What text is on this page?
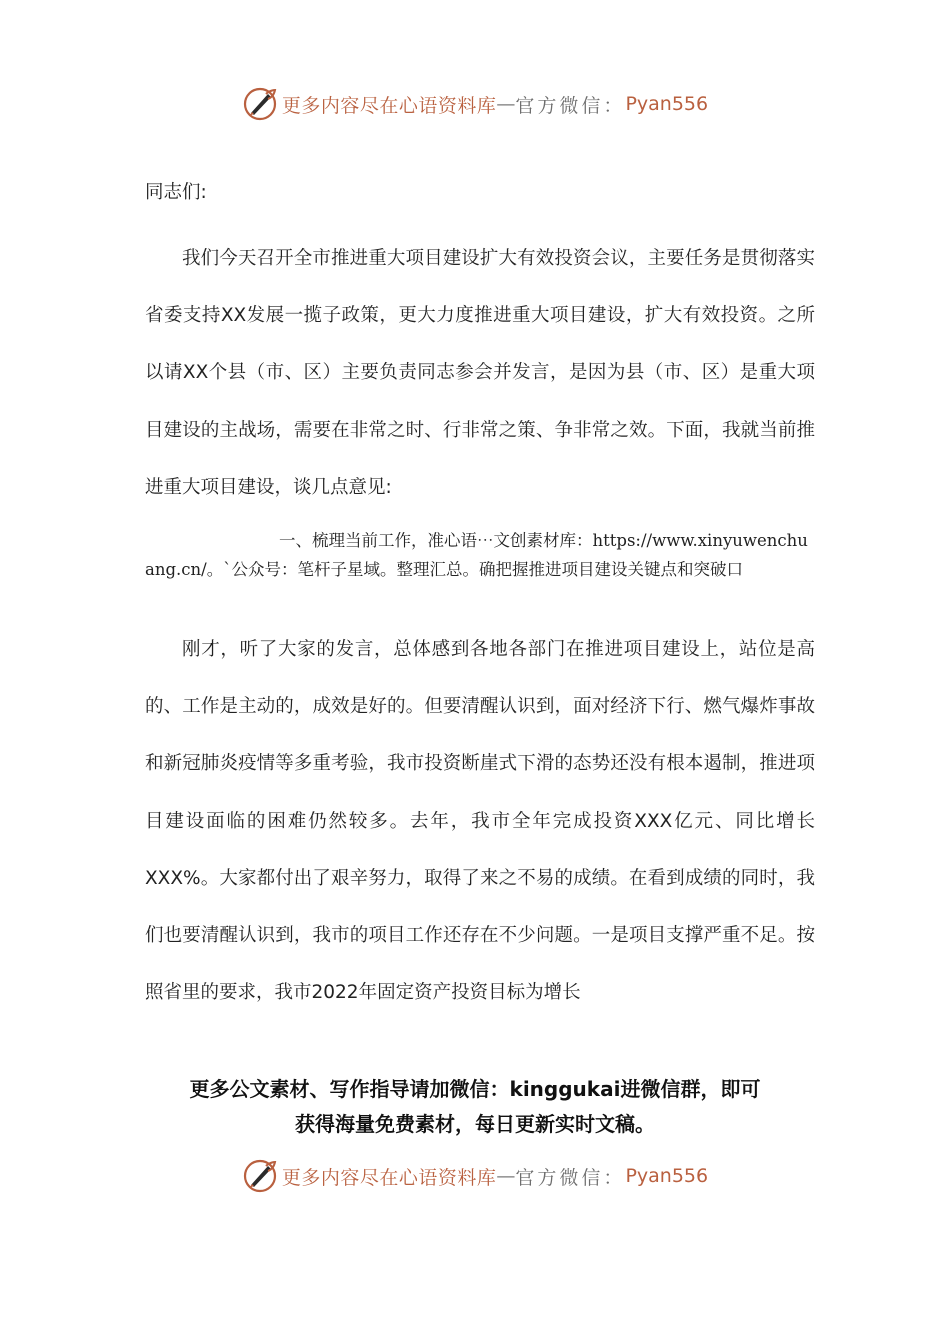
更多内容尽在心语资料库 — 官方微信： Pyan556
同志们:
我们今天召开全市推进重大项目建设扩大有效投资会议，主要任务是贯彻落实省委支持XX发展一揽子政策，更大力度推进重大项目建设，扩大有效投资。之所以请XX个县（市、区）主要负责同志参会并发言，是因为县（市、区）是重大项目建设的主战场，需要在非常之时、行非常之策、争非常之效。下面，我就当前推进重大项目建设，谈几点意见:
一、梳理当前工作，准心语⋯文创素材库：https://www.xinyuwenchuang.cn/。`公众号：笔杆子星域。整理汇总。确把握推进项目建设关键点和突破口
刚才，听了大家的发言，总体感到各地各部门在推进项目建设上，站位是高的、工作是主动的，成效是好的。但要清醒认识到，面对经济下行、燃气爆炸事故和新冠肺炎疫情等多重考验，我市投资断崖式下滑的态势还没有根本遏制，推进项目建设面临的困难仍然较多。去年，我市全年完成投资XXX亿元、同比增长XXX%。大家都付出了艰辛努力，取得了来之不易的成绩。在看到成绩的同时，我们也要清醒认识到，我市的项目工作还存在不少问题。一是项目支撑严重不足。按照省里的要求，我市2022年固定资产投资目标为增长
更多公文素材、写作指导请加微信：kinggukai进微信群，即可
获得海量免费素材，每日更新实时文稿。
更多内容尽在心语资料库 — 官方微信： Pyan556
